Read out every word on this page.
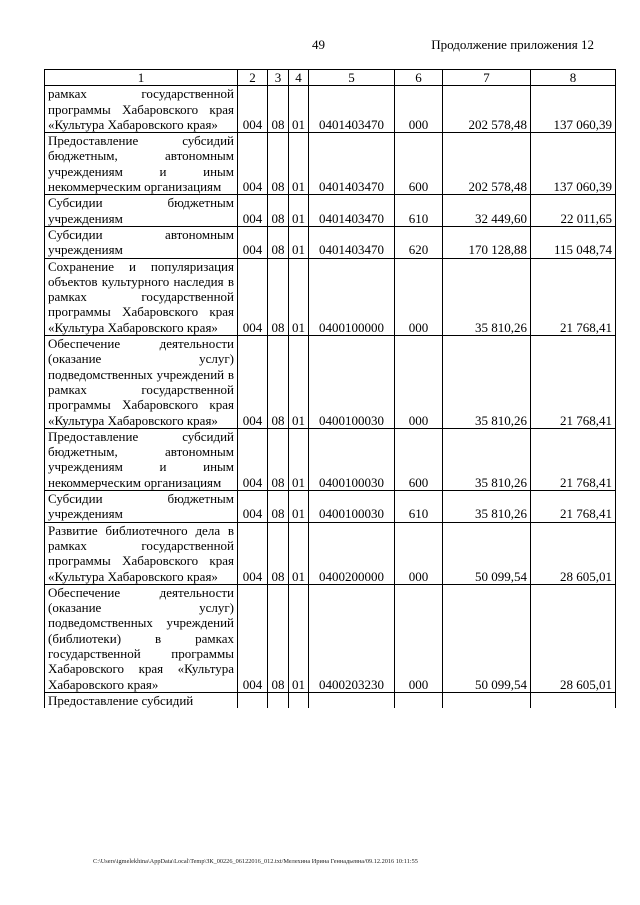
49	Продолжение приложения 12
1	2	3	4	5	6	7	8
рамках государственной программы Хабаровского края «Культура Хабаровского края»	004	08	01	0401403470	000	202 578,48	137 060,39
Предоставление субсидий бюджетным, автономным учреждениям и иным некоммерческим организациям	004	08	01	0401403470	600	202 578,48	137 060,39
Субсидии бюджетным учреждениям	004	08	01	0401403470	610	32 449,60	22 011,65
Субсидии автономным учреждениям	004	08	01	0401403470	620	170 128,88	115 048,74
Сохранение и популяризация объектов культурного наследия в рамках государственной программы Хабаровского края «Культура Хабаровского края»	004	08	01	0400100000	000	35 810,26	21 768,41
Обеспечение деятельности (оказание услуг) подведомственных учреждений в рамках государственной программы Хабаровского края «Культура Хабаровского края»	004	08	01	0400100030	000	35 810,26	21 768,41
Предоставление субсидий бюджетным, автономным учреждениям и иным некоммерческим организациям	004	08	01	0400100030	600	35 810,26	21 768,41
Субсидии бюджетным учреждениям	004	08	01	0400100030	610	35 810,26	21 768,41
Развитие библиотечного дела в рамках государственной программы Хабаровского края «Культура Хабаровского края»	004	08	01	0400200000	000	50 099,54	28 605,01
Обеспечение деятельности (оказание услуг) подведомственных учреждений (библиотеки) в рамках государственной программы Хабаровского края «Культура Хабаровского края»	004	08	01	0400203230	000	50 099,54	28 605,01
Предоставление субсидий							
C:\Users\igmelekhina\AppData\Local\Temp\ЗК_00226_06122016_012.txt/Мелехина Ирина Геннадьевна/09.12.2016 10:11:55
